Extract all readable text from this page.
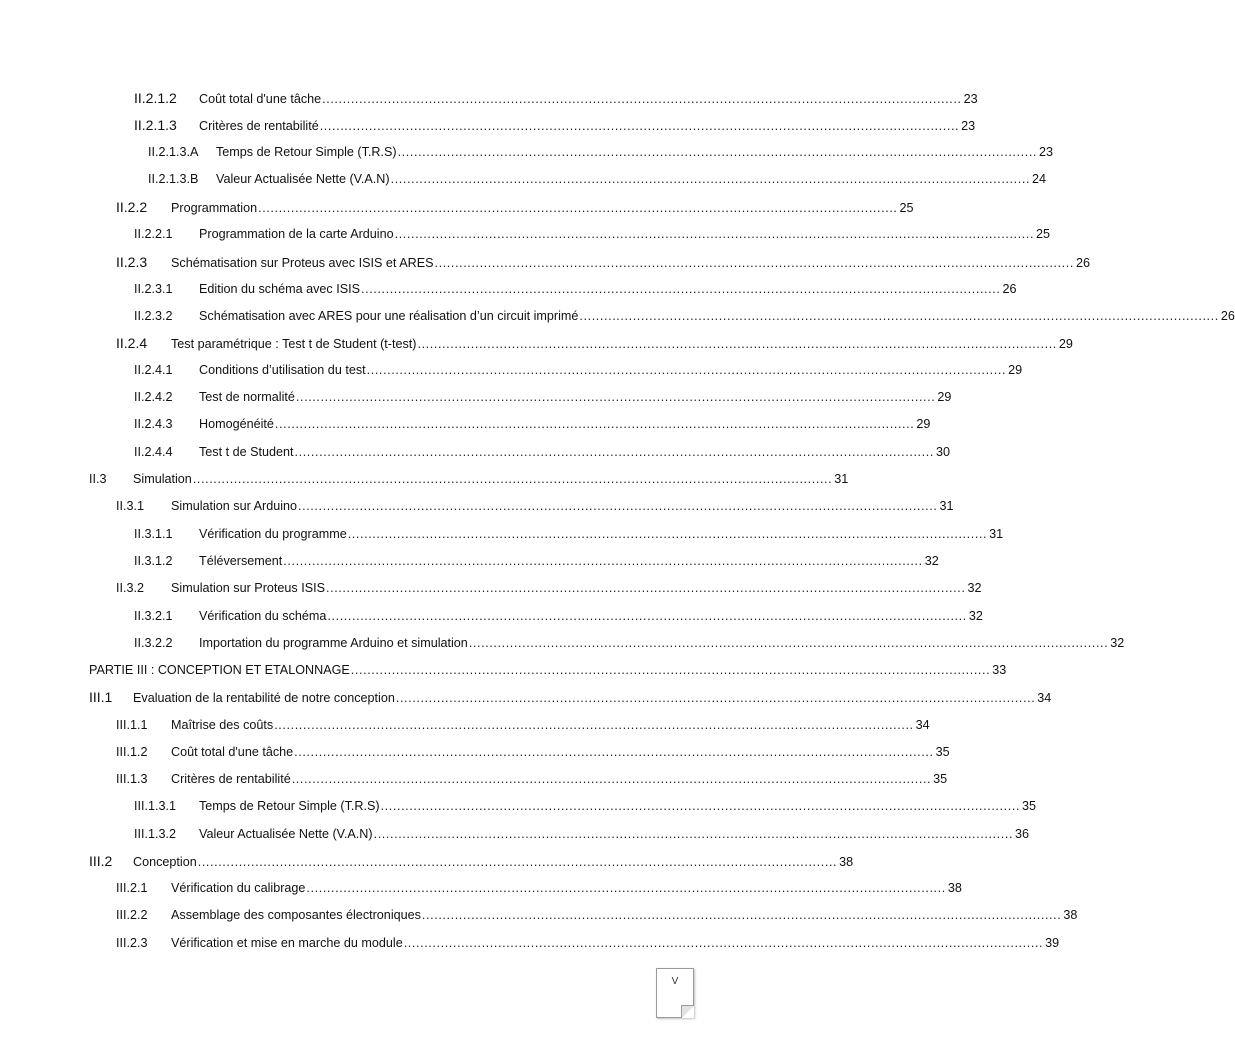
II.2.1.2	Coût total d'une tâche ............................................................................................................................................................ 23
II.2.1.3	Critères de rentabilité ............................................................................................................................................................ 23
II.2.1.3.A	Temps de Retour Simple (T.R.S) ............................................................................................................................................................ 23
II.2.1.3.B	Valeur Actualisée Nette (V.A.N) ............................................................................................................................................................ 24
II.2.2	Programmation ............................................................................................................................................................ 25
II.2.2.1	Programmation de la carte Arduino ............................................................................................................................................................ 25
II.2.3	Schématisation sur Proteus avec ISIS et ARES ............................................................................................................................................................ 26
II.2.3.1	Edition du schéma avec ISIS ............................................................................................................................................................ 26
II.2.3.2	Schématisation avec ARES pour une réalisation d’un circuit imprimé ............................................................................................................................................................ 26
II.2.4	Test paramétrique : Test t de Student (t-test) ............................................................................................................................................................ 29
II.2.4.1	Conditions d’utilisation du test ............................................................................................................................................................ 29
II.2.4.2	Test de normalité ............................................................................................................................................................ 29
II.2.4.3	Homogénéité ............................................................................................................................................................ 29
II.2.4.4	Test t de Student ............................................................................................................................................................ 30
II.3	Simulation ............................................................................................................................................................ 31
II.3.1	Simulation sur Arduino ............................................................................................................................................................ 31
II.3.1.1	Vérification du programme ............................................................................................................................................................ 31
II.3.1.2	Téléversement ............................................................................................................................................................ 32
II.3.2	Simulation sur Proteus ISIS ............................................................................................................................................................ 32
II.3.2.1	Vérification du schéma ............................................................................................................................................................ 32
II.3.2.2	Importation du programme Arduino et simulation ............................................................................................................................................................ 32
PARTIE III : CONCEPTION ET ETALONNAGE ............................................................................................................................................................ 33
III.1	Evaluation de la rentabilité de notre conception ............................................................................................................................................................ 34
III.1.1	Maîtrise des coûts ............................................................................................................................................................ 34
III.1.2	Coût total d'une tâche ............................................................................................................................................................ 35
III.1.3	Critères de rentabilité ............................................................................................................................................................ 35
III.1.3.1	Temps de Retour Simple (T.R.S) ............................................................................................................................................................ 35
III.1.3.2	Valeur Actualisée Nette (V.A.N) ............................................................................................................................................................ 36
III.2	Conception ............................................................................................................................................................ 38
III.2.1	Vérification du calibrage ............................................................................................................................................................ 38
III.2.2	Assemblage des composantes électroniques ............................................................................................................................................................ 38
III.2.3	Vérification et mise en marche du module ............................................................................................................................................................ 39
V
